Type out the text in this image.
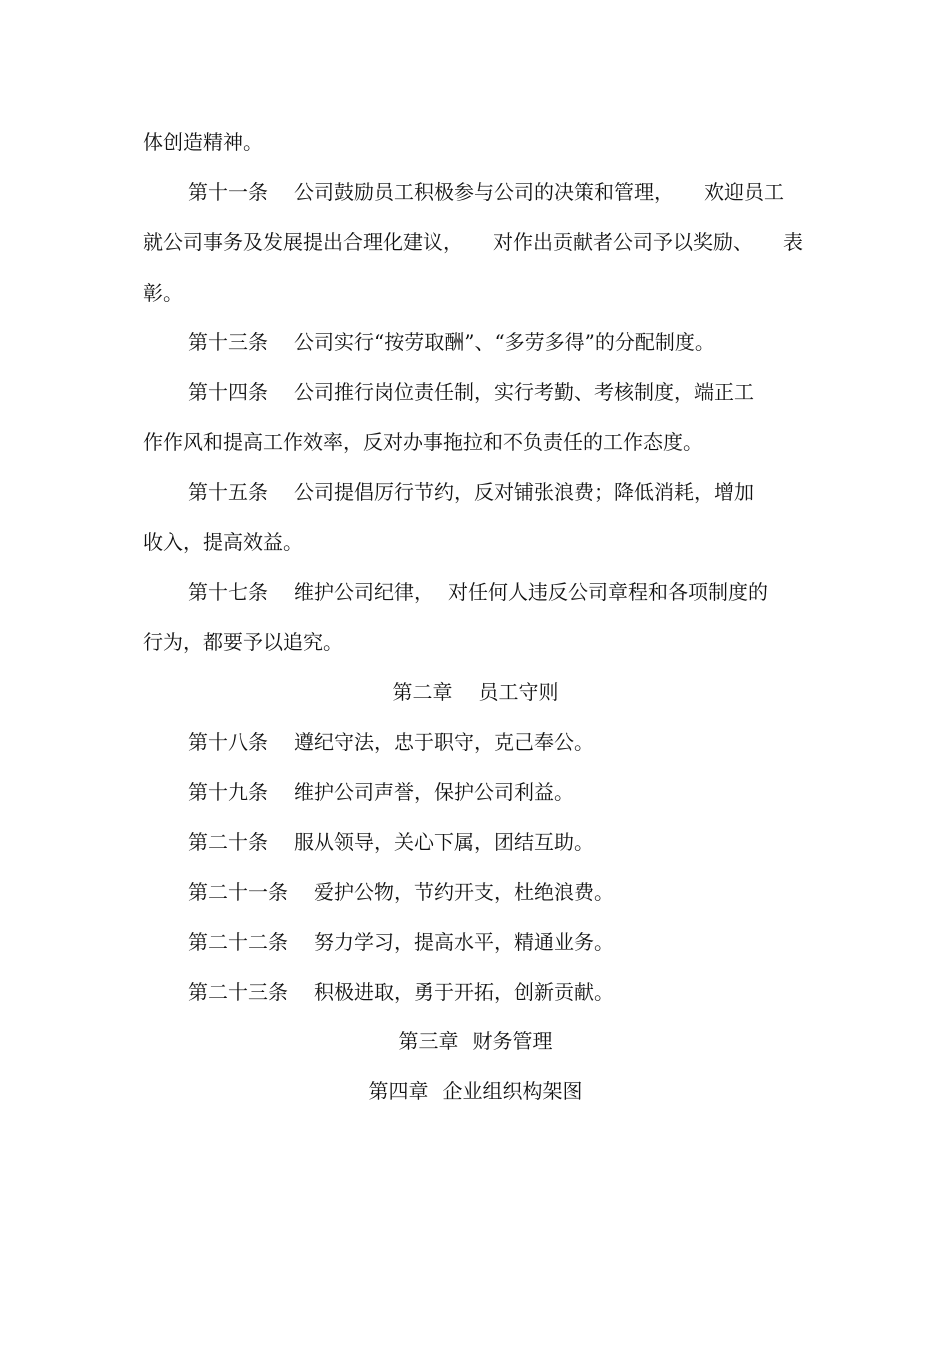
体创造精神。
第十一条 公司鼓励员工积极参与公司的决策和管理， 欢迎员工
就公司事务及发展提出合理化建议， 对作出贡献者公司予以奖励、 表
彰。
第十三条 公司实行“按劳取酬”、“多劳多得”的分配制度。
第十四条 公司推行岗位责任制，实行考勤、考核制度，端正工
作作风和提高工作效率，反对办事拖拉和不负责任的工作态度。
第十五条 公司提倡厉行节约，反对铺张浪费；降低消耗，增加
收入，提高效益。
第十七条 维护公司纪律， 对任何人违反公司章程和各项制度的
行为，都要予以追究。
第二章 员工守则
第十八条 遵纪守法，忠于职守，克己奉公。
第十九条 维护公司声誉，保护公司利益。
第二十条 服从领导，关心下属，团结互助。
第二十一条 爱护公物，节约开支，杜绝浪费。
第二十二条 努力学习，提高水平，精通业务。
第二十三条 积极进取，勇于开拓，创新贡献。
第三章 财务管理
第四章 企业组织构架图
